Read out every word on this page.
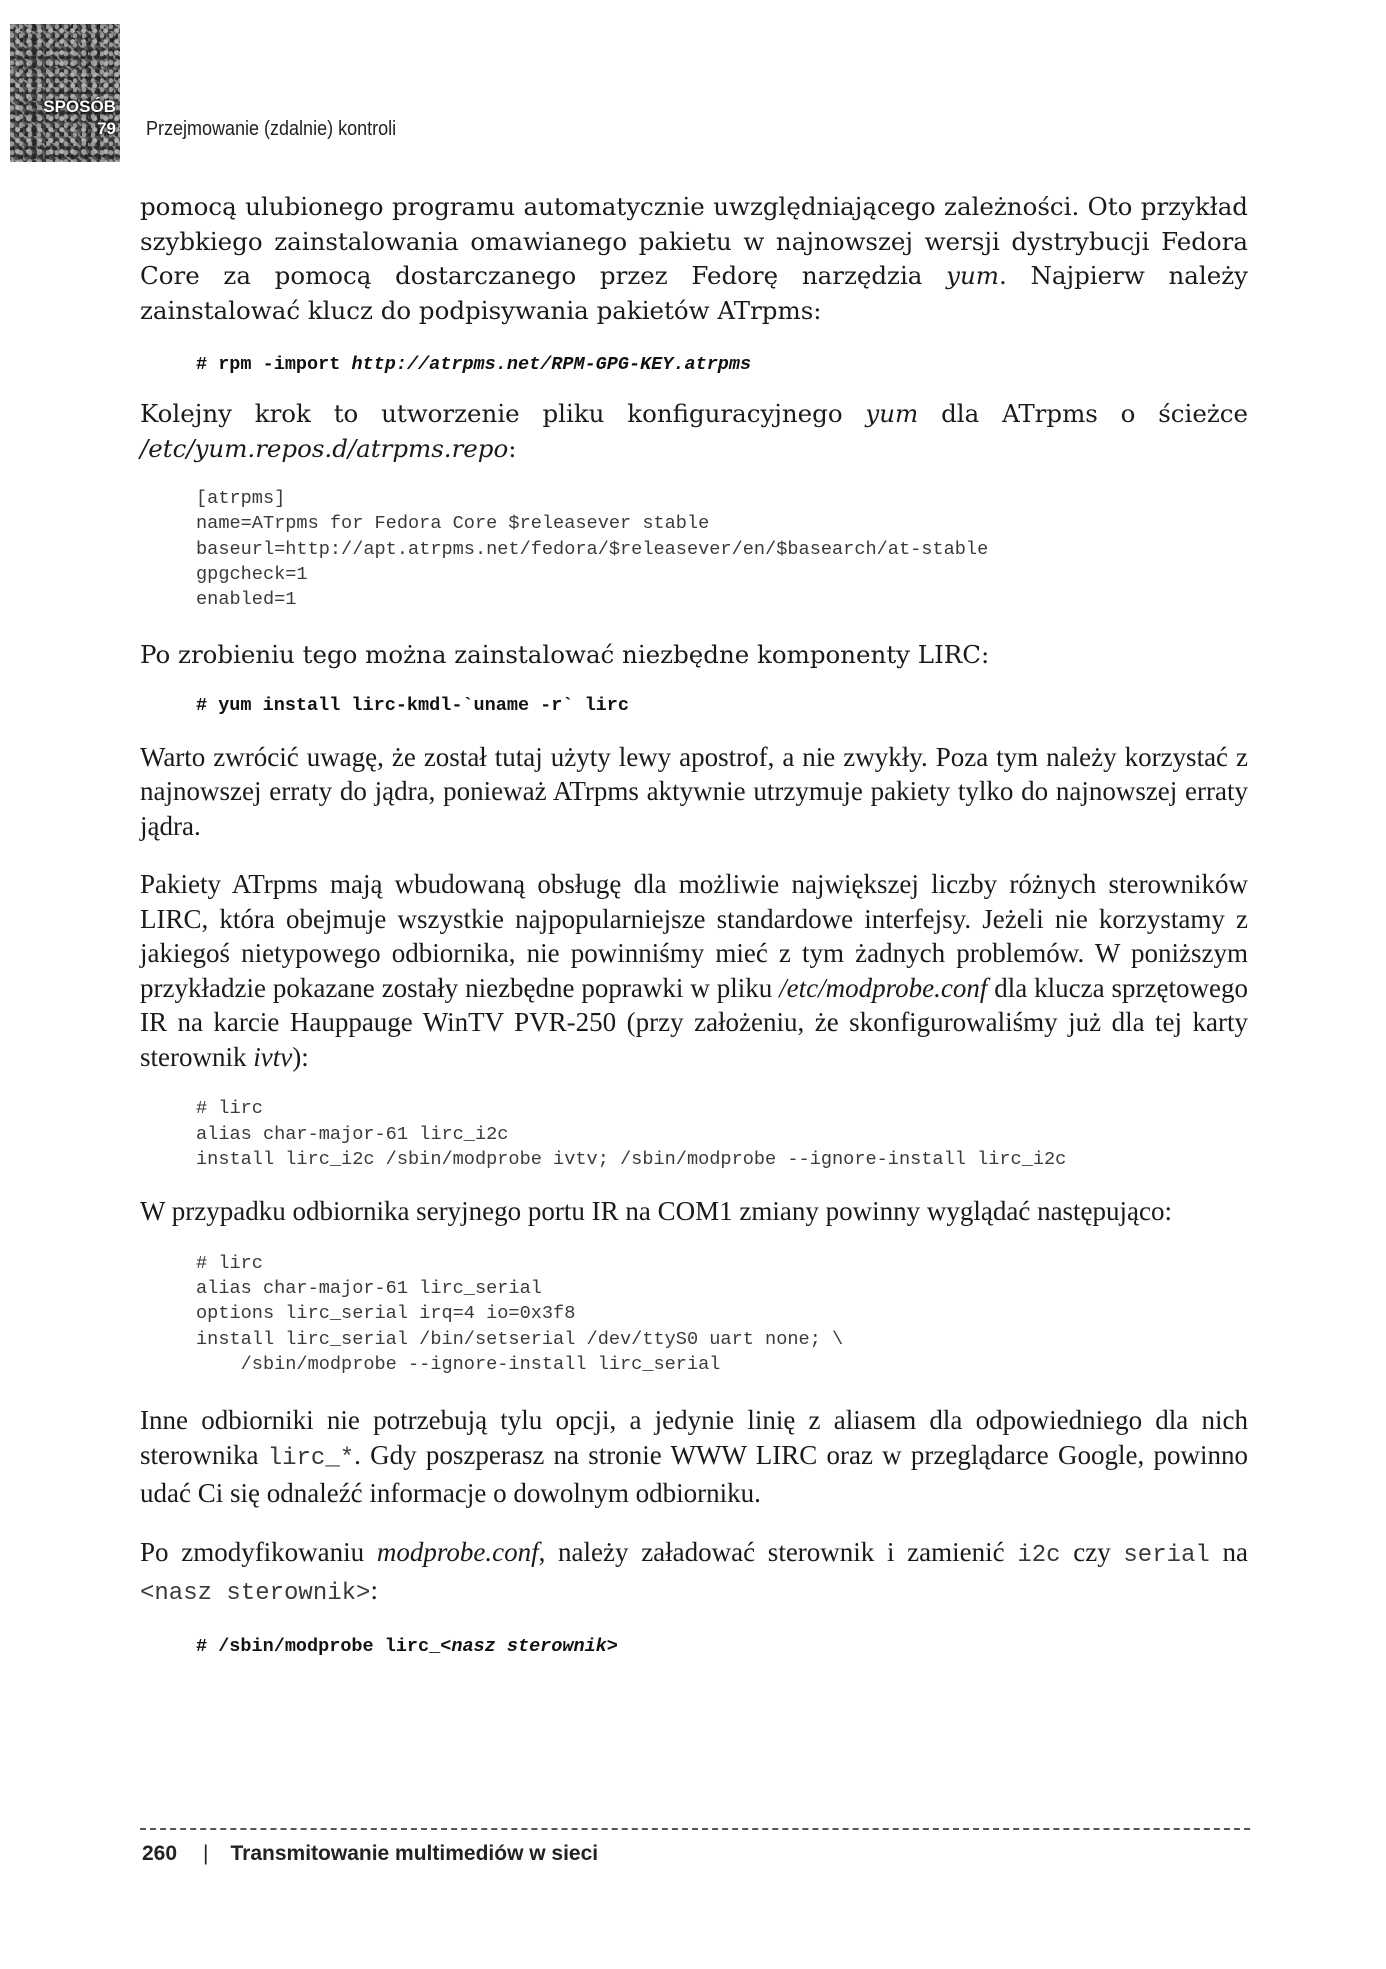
SPOSÓB
79 Przejmowanie (zdalnie) kontroli

pomocą ulubionego programu automatycznie uwzględniającego zależności. Oto przykład szybkiego zainstalowania omawianego pakietu w najnowszej wersji dystrybucji Fedora Core za pomocą dostarczanego przez Fedorę narzędzia yum. Najpierw należy zainstalować klucz do podpisywania pakietów ATrpms:

# rpm -import http://atrpms.net/RPM-GPG-KEY.atrpms

Kolejny krok to utworzenie pliku konfiguracyjnego yum dla ATrpms o ścieżce /etc/yum.repos.d/atrpms.repo:

[atrpms]
name=ATrpms for Fedora Core $releasever stable
baseurl=http://apt.atrpms.net/fedora/$releasever/en/$basearch/at-stable
gpgcheck=1
enabled=1

Po zrobieniu tego można zainstalować niezbędne komponenty LIRC:

# yum install lirc-kmdl-`uname -r` lirc

Warto zwrócić uwagę, że został tutaj użyty lewy apostrof, a nie zwykły. Poza tym należy korzystać z najnowszej erraty do jądra, ponieważ ATrpms aktywnie utrzymuje pakiety tylko do najnowszej erraty jądra.

Pakiety ATrpms mają wbudowaną obsługę dla możliwie największej liczby różnych sterowników LIRC, która obejmuje wszystkie najpopularniejsze standardowe interfejsy. Jeżeli nie korzystamy z jakiegoś nietypowego odbiornika, nie powinniśmy mieć z tym żadnych problemów. W poniższym przykładzie pokazane zostały niezbędne poprawki w pliku /etc/modprobe.conf dla klucza sprzętowego IR na karcie Hauppauge WinTV PVR-250 (przy założeniu, że skonfigurowaliśmy już dla tej karty sterownik ivtv):

# lirc
alias char-major-61 lirc_i2c
install lirc_i2c /sbin/modprobe ivtv; /sbin/modprobe --ignore-install lirc_i2c

W przypadku odbiornika seryjnego portu IR na COM1 zmiany powinny wyglądać następująco:

# lirc
alias char-major-61 lirc_serial
options lirc_serial irq=4 io=0x3f8
install lirc_serial /bin/setserial /dev/ttyS0 uart none; \
/sbin/modprobe --ignore-install lirc_serial

Inne odbiorniki nie potrzebują tylu opcji, a jedynie linię z aliasem dla odpowiedniego dla nich sterownika lirc_*. Gdy poszperasz na stronie WWW LIRC oraz w przeglądarce Google, powinno udać Ci się odnaleźć informacje o dowolnym odbiorniku.

Po zmodyfikowaniu modprobe.conf, należy załadować sterownik i zamienić i2c czy serial na <nasz sterownik>:

# /sbin/modprobe lirc_<nasz sterownik>
260 | Transmitowanie multimediów w sieci
